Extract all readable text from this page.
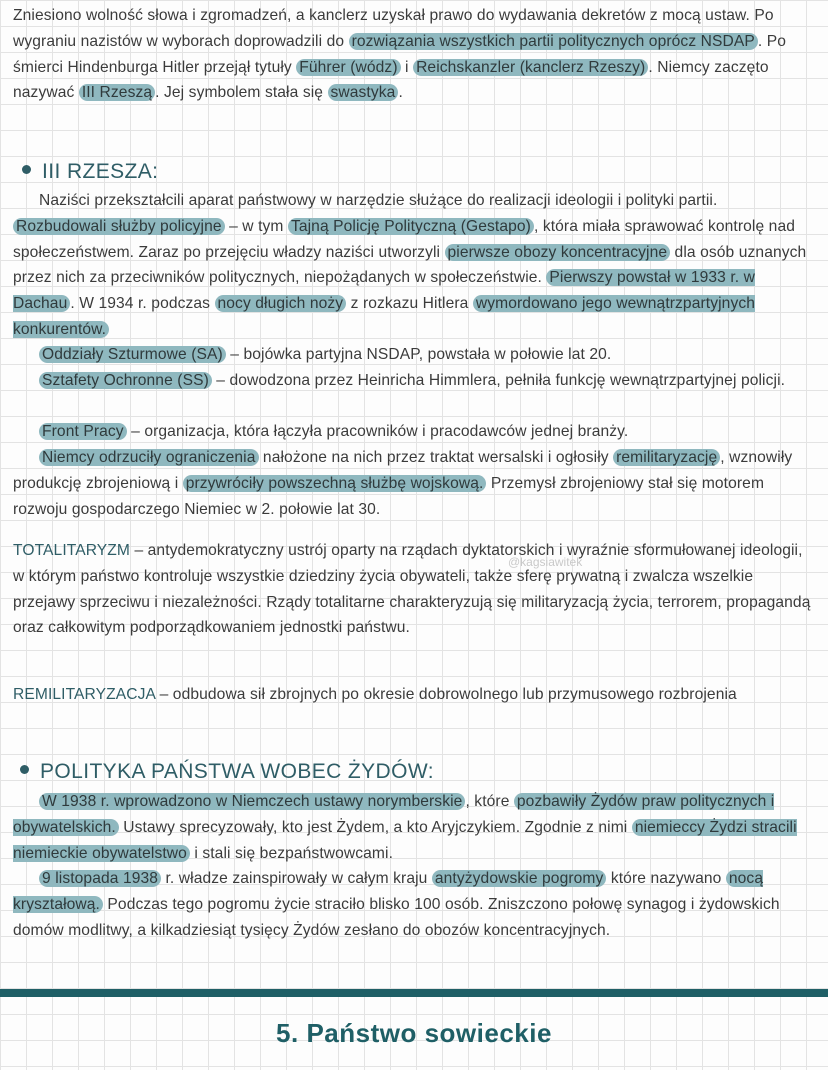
Zniesiono wolność słowa i zgromadzeń, a kanclerz uzyskał prawo do wydawania dekretów z mocą ustaw. Po wygraniu nazistów w wyborach doprowadzili do rozwiązania wszystkich partii politycznych oprócz NSDAP . Po śmierci Hindenburga Hitler przejął tytuły Führer (wódz) i Reichskanzler (kanclerz Rzeszy) . Niemcy zaczęto nazywać III Rzeszą . Jej symbolem stała się swastyka .

III RZESZA:

Naziści przekształcili aparat państwowy w narzędzie służące do realizacji ideologii i polityki partii. Rozbudowali służby policyjne – w tym Tajną Policję Polityczną (Gestapo) , która miała sprawować kontrolę nad społeczeństwem. Zaraz po przejęciu władzy naziści utworzyli pierwsze obozy koncentracyjne dla osób uznanych przez nich za przeciwników politycznych, niepożądanych w społeczeństwie. Pierwszy powstał w 1933 r. w Dachau . W 1934 r. podczas nocy długich noży z rozkazu Hitlera wymordowano jego wewnątrzpartyjnych konkurentów.

Oddziały Szturmowe (SA) – bojówka partyjna NSDAP, powstała w połowie lat 20.

Sztafety Ochronne (SS) – dowodzona przez Heinricha Himmlera, pełniła funkcję wewnątrzpartyjnej policji.

Front Pracy – organizacja, która łączyła pracowników i pracodawców jednej branży.

Niemcy odrzuciły ograniczenia nałożone na nich przez traktat wersalski i ogłosiły remilitaryzację , wznowiły produkcję zbrojeniową i przywróciły powszechną służbę wojskową. Przemysł zbrojeniowy stał się motorem rozwoju gospodarczego Niemiec w 2. połowie lat 30.

TOTALITARYZM – antydemokratyczny ustrój oparty na rządach dyktatorskich i wyraźnie sformułowanej ideologii, w którym państwo kontroluje wszystkie dziedziny życia obywateli, także sferę prywatną i zwalcza wszelkie przejawy sprzeciwu i niezależności. Rządy totalitarne charakteryzują się militaryzacją życia, terrorem, propagandą oraz całkowitym podporządkowaniem jednostki państwu.

@kagsiawitek

REMILITARYZACJA – odbudowa sił zbrojnych po okresie dobrowolnego lub przymusowego rozbrojenia

POLITYKA PAŃSTWA WOBEC ŻYDÓW:

W 1938 r. wprowadzono w Niemczech ustawy norymberskie , które pozbawiły Żydów praw politycznych i obywatelskich. Ustawy sprecyzowały, kto jest Żydem, a kto Aryjczykiem. Zgodnie z nimi niemieccy Żydzi stracili niemieckie obywatelstwo i stali się bezpaństwowcami.

9 listopada 1938 r. władze zainspirowały w całym kraju antyżydowskie pogromy które nazywano nocą kryształową. Podczas tego pogromu życie straciło blisko 100 osób. Zniszczono połowę synagog i żydowskich domów modlitwy, a kilkadziesiąt tysięcy Żydów zesłano do obozów koncentracyjnych.

5. Państwo sowieckie
